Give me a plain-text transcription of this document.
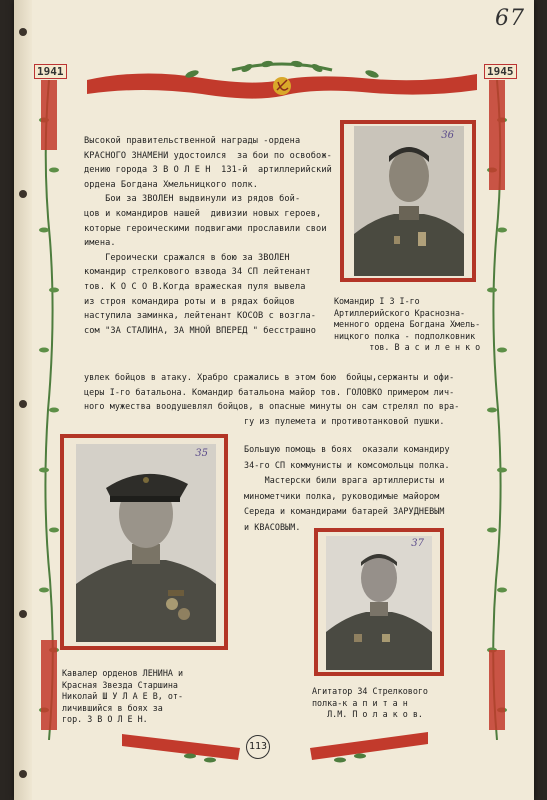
67
1941	1945
113
36
35
37
Высокой правительственной награды -ордена
КРАСНОГО ЗНАМЕНИ удостоился  за бои по освобож-
дению города З В О Л Е Н  131-й  артиллерийский
ордена Богдана Хмельницкого полк.
Бои за ЗВОЛЕН выдвинули из рядов бой-
цов и командиров нашей  дивизии новых героев,
которые героическими подвигами прославили свои
имена.
Героически сражался в бою за ЗВОЛЕН
командир стрелкового взвода 34 СП лейтенант
тов. К О С О В.Когда вражеская пуля вывела
из строя командира роты и в рядах бойцов
наступила заминка, лейтенант КОСОВ с возгла-
сом "ЗА СТАЛИНА, ЗА МНОЙ ВПЕРЕД " бесстрашно
Командир I 3 I-го
Артиллерийского Краснозна-
менного ордена Богдана Хмель-
ницкого полка - подполковник
тов. В а с и л е н к о
увлек бойцов в атаку. Храбро сражались в этом бою  бойцы,сержанты и офи-
церы I-го батальона. Командир батальона майор тов. ГОЛОВКО примером лич-
ного мужества воодушевлял бойцов, в опасные минуты он сам стрелял по вра-
гу из пулемета и противотанковой пушки.
Большую помощь в боях  оказали командиру
34-го СП коммунисты и комсомольцы полка.
Мастерски били врага артиллеристы и
минометчики полка, руководимые майором
Середа и командирами батарей ЗАРУДНЕВЫМ
и КВАСОВЫМ.
Кавалер орденов ЛЕНИНА и
Красная Звезда Старшина
Николай Ш У Л А Е В, от-
личившийся в боях за
гор. З В О Л Е Н.
Агитатор 34 Стрелкового
полка-к а п и т а н
Л.М. П о л а к о в.
